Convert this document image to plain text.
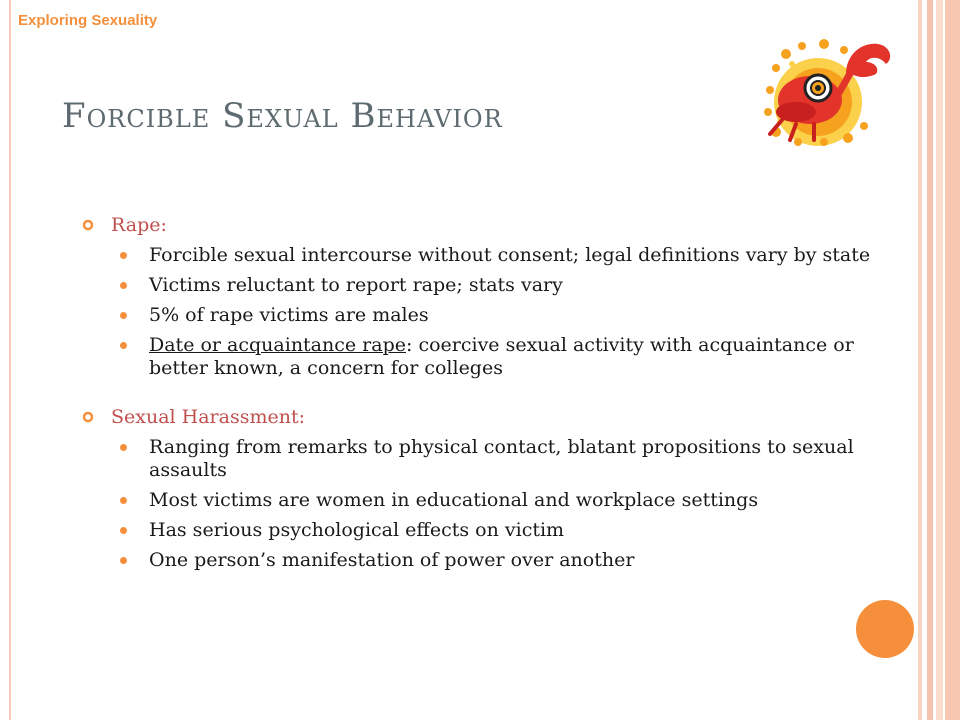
Exploring Sexuality
Forcible Sexual Behavior
Rape:
Forcible sexual intercourse without consent; legal definitions vary by state
Victims reluctant to report rape; stats vary
5% of rape victims are males
Date or acquaintance rape: coercive sexual activity with acquaintance or better known, a concern for colleges
Sexual Harassment:
Ranging from remarks to physical contact, blatant propositions to sexual assaults
Most victims are women in educational and workplace settings
Has serious psychological effects on victim
One person’s manifestation of power over another
